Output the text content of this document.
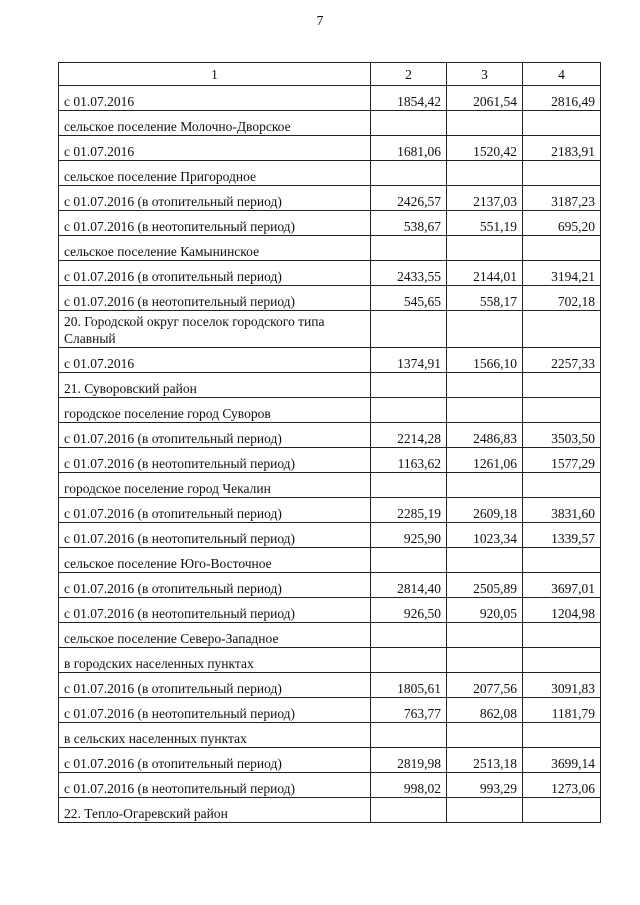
7
1	2	3	4
с 01.07.2016	1854,42	2061,54	2816,49
сельское поселение Молочно-Дворское			
с 01.07.2016	1681,06	1520,42	2183,91
сельское поселение Пригородное			
с 01.07.2016 (в отопительный период)	2426,57	2137,03	3187,23
с 01.07.2016 (в неотопительный период)	538,67	551,19	695,20
сельское поселение Камынинское			
с 01.07.2016 (в отопительный период)	2433,55	2144,01	3194,21
с 01.07.2016 (в неотопительный период)	545,65	558,17	702,18
20. Городской округ поселок городского типа Славный			
с 01.07.2016	1374,91	1566,10	2257,33
21. Суворовский район			
городское поселение город Суворов			
с 01.07.2016 (в отопительный период)	2214,28	2486,83	3503,50
с 01.07.2016 (в неотопительный период)	1163,62	1261,06	1577,29
городское поселение город Чекалин			
с 01.07.2016 (в отопительный период)	2285,19	2609,18	3831,60
с 01.07.2016 (в неотопительный период)	925,90	1023,34	1339,57
сельское поселение Юго-Восточное			
с 01.07.2016 (в отопительный период)	2814,40	2505,89	3697,01
с 01.07.2016 (в неотопительный период)	926,50	920,05	1204,98
сельское поселение Северо-Западное			
в городских населенных пунктах			
с 01.07.2016 (в отопительный период)	1805,61	2077,56	3091,83
с 01.07.2016 (в неотопительный период)	763,77	862,08	1181,79
в сельских населенных пунктах			
с 01.07.2016 (в отопительный период)	2819,98	2513,18	3699,14
с 01.07.2016 (в неотопительный период)	998,02	993,29	1273,06
22. Тепло-Огаревский район			
